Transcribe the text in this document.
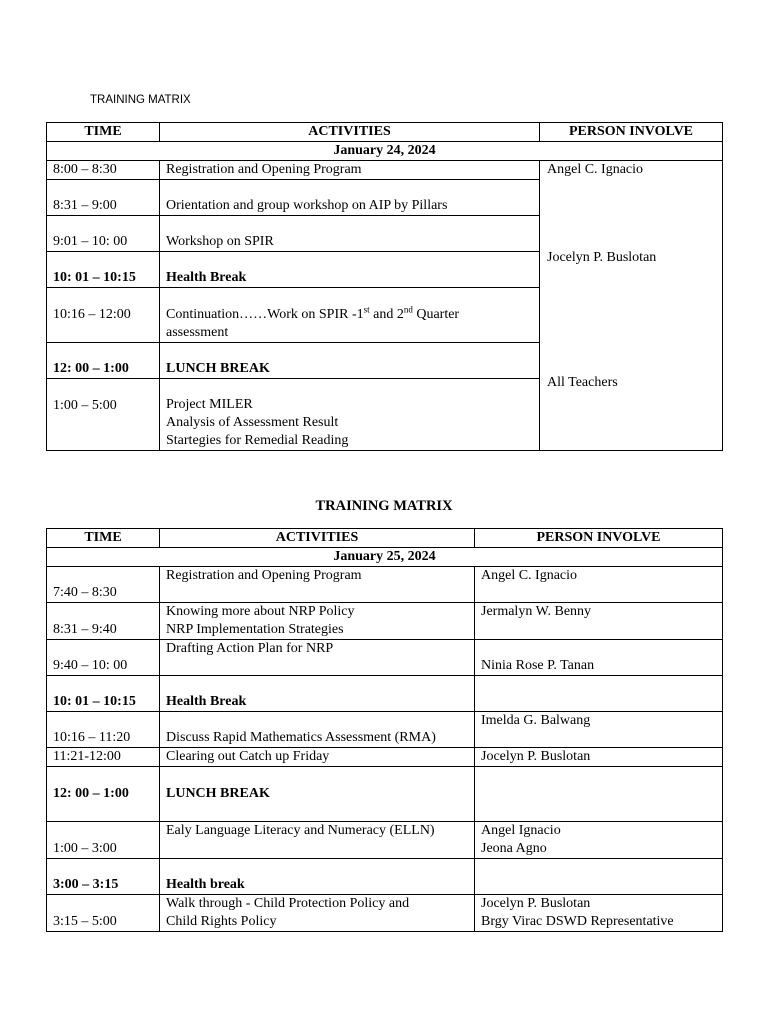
TRAINING MATRIX
TIME	ACTIVITIES	PERSON INVOLVE
January 24, 2024		
8:00 – 8:30	Registration and Opening Program	Angel C. Ignacio
Jocelyn P. Buslotan
All Teachers

8:31 – 9:00	Orientation and group workshop on AIP by Pillars	
9:01 – 10: 00	Workshop on SPIR	
10: 01 – 10:15	Health Break	
10:16 – 12:00	Continuation……Work on SPIR -1st and 2nd Quarter
assessment	

12: 00 – 1:00	LUNCH BREAK	
1:00 – 5:00	Project MILER
Analysis of Assessment Result
Startegies for Remedial Reading	
TRAINING MATRIX
TIME	ACTIVITIES	PERSON INVOLVE
January 25, 2024		
7:40 – 8:30	Registration and Opening Program	Angel C. Ignacio

8:31 – 9:40	Knowing more about NRP Policy
NRP Implementation Strategies	Jermalyn W. Benny

9:40 – 10: 00	Drafting Action Plan for NRP	Ninia Rose P. Tanan

10: 01 – 10:15	Health Break	

10:16 – 11:20	Discuss Rapid Mathematics Assessment (RMA)	Imelda G. Balwang

11:21-12:00	Clearing out Catch up Friday	Jocelyn P. Buslotan

12: 00 – 1:00	LUNCH BREAK	

1:00 – 3:00	Ealy Language Literacy and Numeracy (ELLN)	Angel Ignacio
Jeona Agno

3:00 – 3:15	Health break	

3:15 – 5:00	Walk through - Child Protection Policy and
Child Rights Policy	Jocelyn P. Buslotan
Brgy Virac DSWD Representative
